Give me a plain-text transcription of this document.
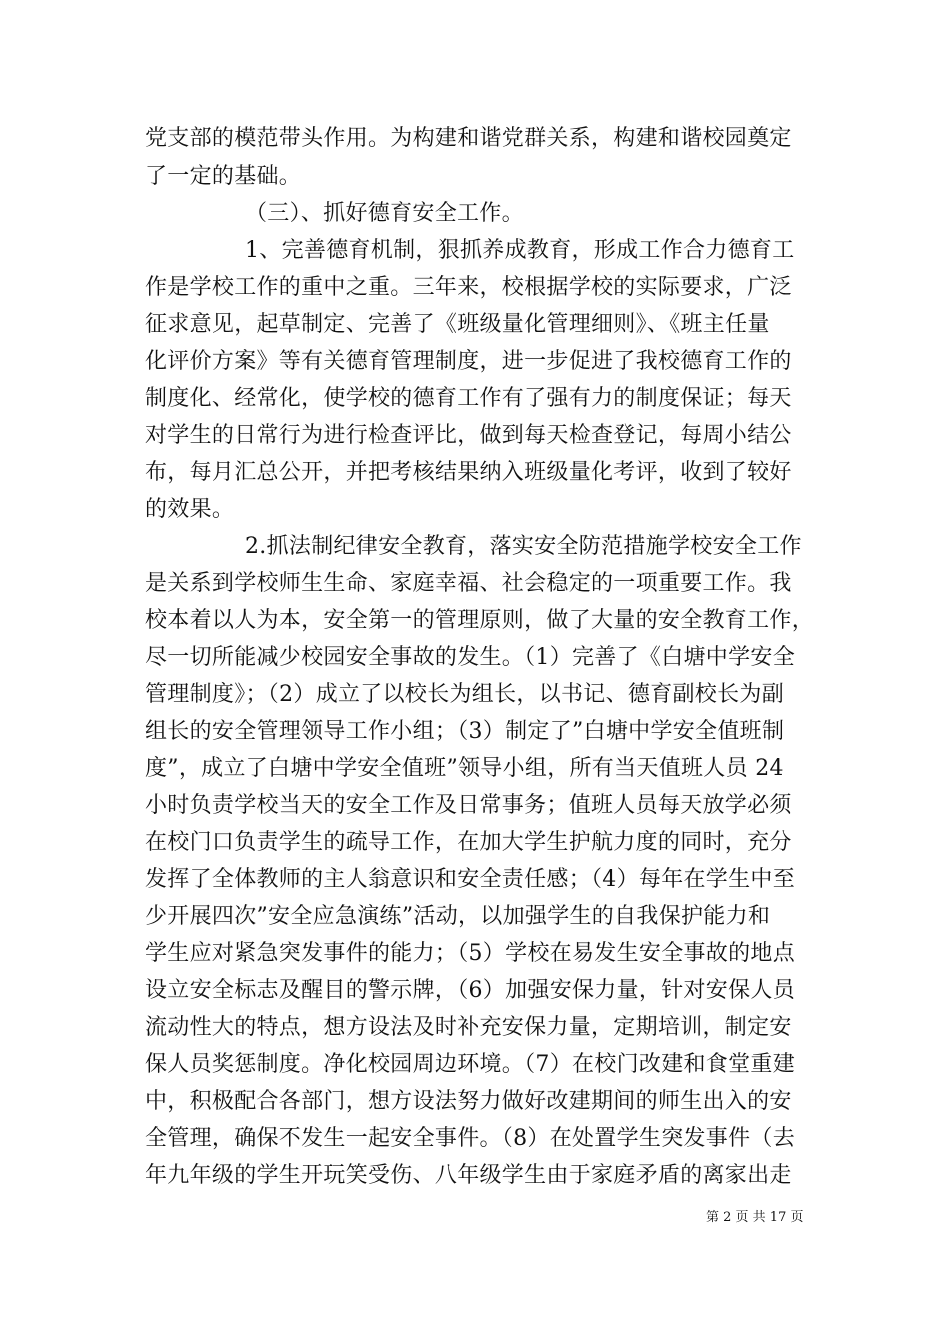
党支部的模范带头作用。为构建和谐党群关系，构建和谐校园奠定
了一定的基础。
（三）、抓好德育安全工作。
1、完善德育机制，狠抓养成教育，形成工作合力德育工
作是学校工作的重中之重。三年来，校根据学校的实际要求，广泛
征求意见，起草制定、完善了《班级量化管理细则》、《班主任量
化评价方案》等有关德育管理制度，进一步促进了我校德育工作的
制度化、经常化，使学校的德育工作有了强有力的制度保证；每天
对学生的日常行为进行检查评比，做到每天检查登记，每周小结公
布，每月汇总公开，并把考核结果纳入班级量化考评，收到了较好
的效果。
2.抓法制纪律安全教育，落实安全防范措施学校安全工作
是关系到学校师生生命、家庭幸福、社会稳定的一项重要工作。我
校本着以人为本，安全第一的管理原则，做了大量的安全教育工作，
尽一切所能减少校园安全事故的发生。（1）完善了《白塘中学安全
管理制度》；（2）成立了以校长为组长，以书记、德育副校长为副
组长的安全管理领导工作小组；（3）制定了”白塘中学安全值班制
度”，成立了白塘中学安全值班”领导小组，所有当天值班人员 24
小时负责学校当天的安全工作及日常事务；值班人员每天放学必须
在校门口负责学生的疏导工作，在加大学生护航力度的同时，充分
发挥了全体教师的主人翁意识和安全责任感；（4）每年在学生中至
少开展四次”安全应急演练”活动，以加强学生的自我保护能力和
学生应对紧急突发事件的能力；（5）学校在易发生安全事故的地点
设立安全标志及醒目的警示牌，（6）加强安保力量，针对安保人员
流动性大的特点，想方设法及时补充安保力量，定期培训，制定安
保人员奖惩制度。净化校园周边环境。（7）在校门改建和食堂重建
中，积极配合各部门，想方设法努力做好改建期间的师生出入的安
全管理，确保不发生一起安全事件。（8）在处置学生突发事件（去
年九年级的学生开玩笑受伤、八年级学生由于家庭矛盾的离家出走
第 2 页 共 17 页
